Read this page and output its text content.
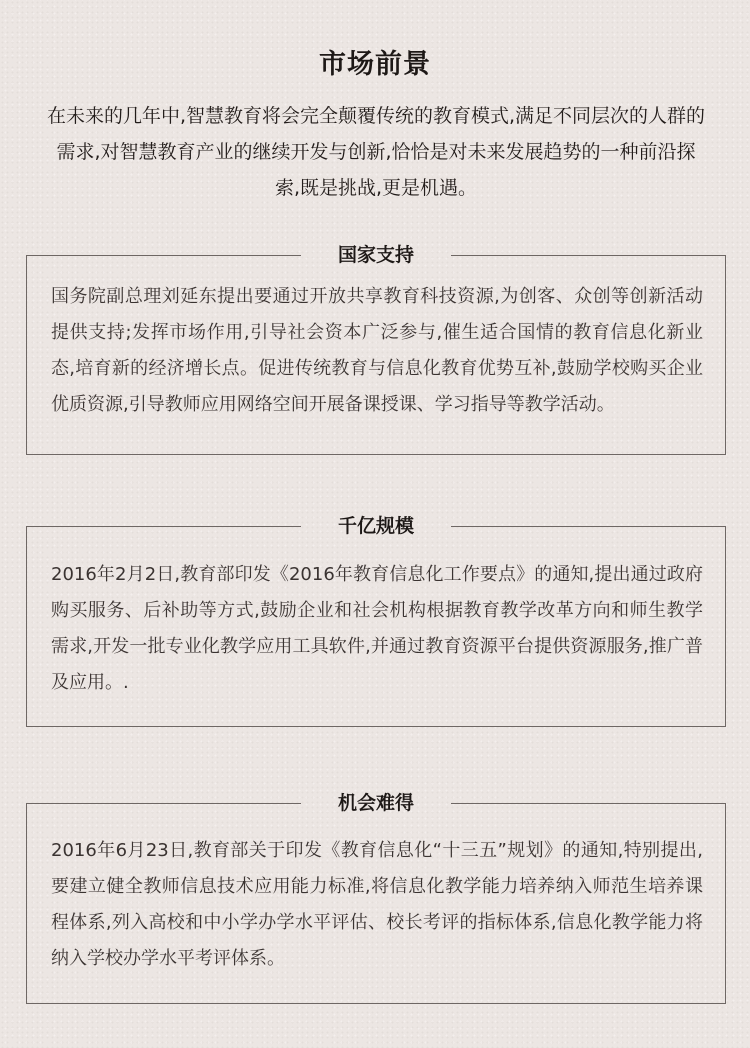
市场前景
在未来的几年中,智慧教育将会完全颠覆传统的教育模式,满足不同层次的人群的需求,对智慧教育产业的继续开发与创新,恰恰是对未来发展趋势的一种前沿探索,既是挑战,更是机遇。
国家支持
国务院副总理刘延东提出要通过开放共享教育科技资源,为创客、众创等创新活动提供支持;发挥市场作用,引导社会资本广泛参与,催生适合国情的教育信息化新业态,培育新的经济增长点。促进传统教育与信息化教育优势互补,鼓励学校购买企业优质资源,引导教师应用网络空间开展备课授课、学习指导等教学活动。
千亿规模
2016年2月2日,教育部印发《2016年教育信息化工作要点》的通知,提出通过政府购买服务、后补助等方式,鼓励企业和社会机构根据教育教学改革方向和师生教学需求,开发一批专业化教学应用工具软件,并通过教育资源平台提供资源服务,推广普及应用。.
机会难得
2016年6月23日,教育部关于印发《教育信息化“十三五”规划》的通知,特别提出, 要建立健全教师信息技术应用能力标准,将信息化教学能力培养纳入师范生培养课程体系,列入高校和中小学办学水平评估、校长考评的指标体系,信息化教学能力将纳入学校办学水平考评体系。
